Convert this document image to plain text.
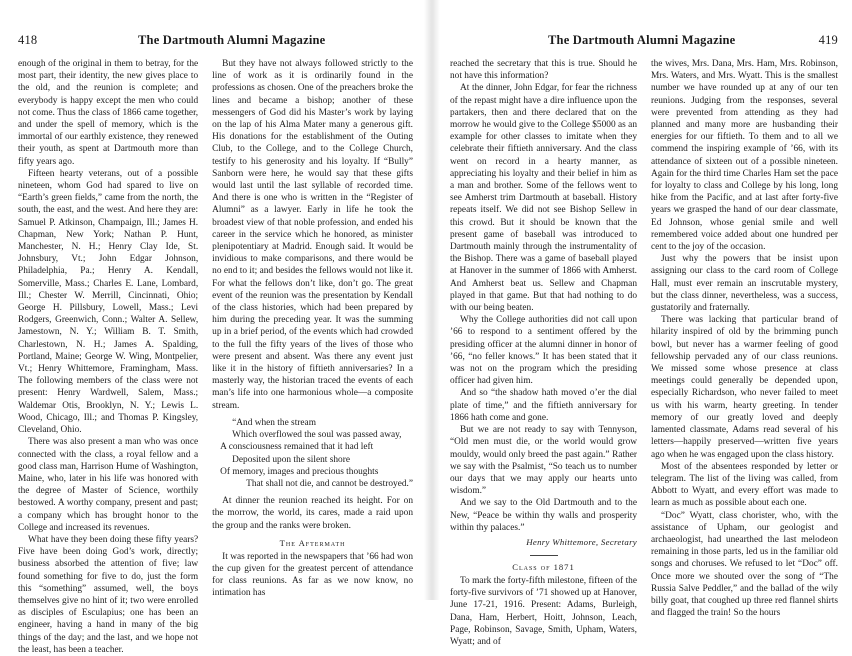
418	The Dartmouth Alumni Magazine

enough of the original in them to betray, for the most part, their identity, the new gives place to the old, and the reunion is complete; and everybody is happy except the men who could not come. Thus the class of 1866 came together, and under the spell of memory, which is the immortal of our earthly existence, they renewed their youth, as spent at Dartmouth more than fifty years ago.

Fifteen hearty veterans, out of a possible nineteen, whom God had spared to live on “Earth’s green fields,” came from the north, the south, the east, and the west. And here they are: Samuel P. Atkinson, Champaign, Ill.; James H. Chapman, New York; Nathan P. Hunt, Manchester, N. H.; Henry Clay Ide, St. Johnsbury, Vt.; John Edgar Johnson, Philadelphia, Pa.; Henry A. Kendall, Somerville, Mass.; Charles E. Lane, Lombard, Ill.; Chester W. Merrill, Cincinnati, Ohio; George H. Pillsbury, Lowell, Mass.; Levi Rodgers, Greenwich, Conn.; Walter A. Sellew, Jamestown, N. Y.; William B. T. Smith, Charlestown, N. H.; James A. Spalding, Portland, Maine; George W. Wing, Montpelier, Vt.; Henry Whittemore, Framingham, Mass. The following members of the class were not present: Henry Wardwell, Salem, Mass.; Waldemar Otis, Brooklyn, N. Y.; Lewis L. Wood, Chicago, Ill.; and Thomas P. Kingsley, Cleveland, Ohio.

There was also present a man who was once connected with the class, a royal fellow and a good class man, Harrison Hume of Washington, Maine, who, later in his life was honored with the degree of Master of Science, worthily bestowed. A worthy company, present and past; a company which has brought honor to the College and increased its revenues.

What have they been doing these fifty years? Five have been doing God’s work, directly; business absorbed the attention of five; law found something for five to do, just the form this “something” assumed, well, the boys themselves give no hint of it; two were enrolled as disciples of Esculapius; one has been an engineer, having a hand in many of the big things of the day; and the last, and we hope not the least, has been a teacher.

But they have not always followed strictly to the line of work as it is ordinarily found in the professions as chosen. One of the preachers broke the lines and became a bishop; another of these messengers of God did his Master’s work by laying on the lap of his Alma Mater many a generous gift. His donations for the establishment of the Outing Club, to the College, and to the College Church, testify to his generosity and his loyalty. If “Bully” Sanborn were here, he would say that these gifts would last until the last syllable of recorded time. And there is one who is written in the “Register of Alumni” as a lawyer. Early in life he took the broadest view of that noble profession, and ended his career in the service which he honored, as minister plenipotentiary at Madrid. Enough said. It would be invidious to make comparisons, and there would be no end to it; and besides the fellows would not like it. For what the fellows don’t like, don’t go. The great event of the reunion was the presentation by Kendall of the class histories, which had been prepared by him during the preceding year. It was the summing up in a brief period, of the events which had crowded to the full the fifty years of the lives of those who were present and absent. Was there any event just like it in the history of fiftieth anniversaries? In a masterly way, the historian traced the events of each man’s life into one harmonious whole—a composite stream.

“And when the stream
Which overflowed the soul was passed away,
A consciousness remained that it had left
Deposited upon the silent shore
Of memory, images and precious thoughts
That shall not die, and cannot be destroyed.”

At dinner the reunion reached its height. For on the morrow, the world, its cares, made a raid upon the group and the ranks were broken.

The Aftermath

It was reported in the newspapers that ’66 had won the cup given for the greatest percent of attendance for class reunions. As far as we now know, no intimation has

The Dartmouth Alumni Magazine	419

reached the secretary that this is true. Should he not have this information?

At the dinner, John Edgar, for fear the richness of the repast might have a dire influence upon the partakers, then and there declared that on the morrow he would give to the College $5000 as an example for other classes to imitate when they celebrate their fiftieth anniversary. And the class went on record in a hearty manner, as appreciating his loyalty and their belief in him as a man and brother. Some of the fellows went to see Amherst trim Dartmouth at baseball. History repeats itself. We did not see Bishop Sellew in this crowd. But it should be known that the present game of baseball was introduced to Dartmouth mainly through the instrumentality of the Bishop. There was a game of baseball played at Hanover in the summer of 1866 with Amherst. And Amherst beat us. Sellew and Chapman played in that game. But that had nothing to do with our being beaten.

Why the College authorities did not call upon ’66 to respond to a sentiment offered by the presiding officer at the alumni dinner in honor of ’66, “no feller knows.” It has been stated that it was not on the program which the presiding officer had given him.

And so “the shadow hath moved o’er the dial plate of time,” and the fiftieth anniversary for 1866 hath come and gone.

But we are not ready to say with Tennyson, “Old men must die, or the world would grow mouldy, would only breed the past again.” Rather we say with the Psalmist, “So teach us to number our days that we may apply our hearts unto wisdom.”

And we say to the Old Dartmouth and to the New, “Peace be within thy walls and prosperity within thy palaces.”

Henry Whittemore, Secretary
Class of 1871

To mark the forty-fifth milestone, fifteen of the forty-five survivors of ’71 showed up at Hanover, June 17-21, 1916. Present: Adams, Burleigh, Dana, Ham, Herbert, Hoitt, Johnson, Leach, Page, Robinson, Savage, Smith, Upham, Waters, Wyatt; and of

the wives, Mrs. Dana, Mrs. Ham, Mrs. Robinson, Mrs. Waters, and Mrs. Wyatt. This is the smallest number we have rounded up at any of our ten reunions. Judging from the responses, several were prevented from attending as they had planned and many more are husbanding their energies for our fiftieth. To them and to all we commend the inspiring example of ’66, with its attendance of sixteen out of a possible nineteen. Again for the third time Charles Ham set the pace for loyalty to class and College by his long, long hike from the Pacific, and at last after forty-five years we grasped the hand of our dear classmate, Ed Johnson, whose genial smile and well remembered voice added about one hundred per cent to the joy of the occasion.

Just why the powers that be insist upon assigning our class to the card room of College Hall, must ever remain an inscrutable mystery, but the class dinner, nevertheless, was a success, gustatorily and fraternally.

There was lacking that particular brand of hilarity inspired of old by the brimming punch bowl, but never has a warmer feeling of good fellowship pervaded any of our class reunions. We missed some whose presence at class meetings could generally be depended upon, especially Richardson, who never failed to meet us with his warm, hearty greeting. In tender memory of our greatly loved and deeply lamented classmate, Adams read several of his letters—happily preserved—written five years ago when he was engaged upon the class history.

Most of the absentees responded by letter or telegram. The list of the living was called, from Abbott to Wyatt, and every effort was made to learn as much as possible about each one.

“Doc” Wyatt, class chorister, who, with the assistance of Upham, our geologist and archaeologist, had unearthed the last melodeon remaining in those parts, led us in the familiar old songs and choruses. We refused to let “Doc” off. Once more we shouted over the song of “The Russia Salve Peddler,” and the ballad of the wily billy goat, that coughed up three red flannel shirts and flagged the train! So the hours
